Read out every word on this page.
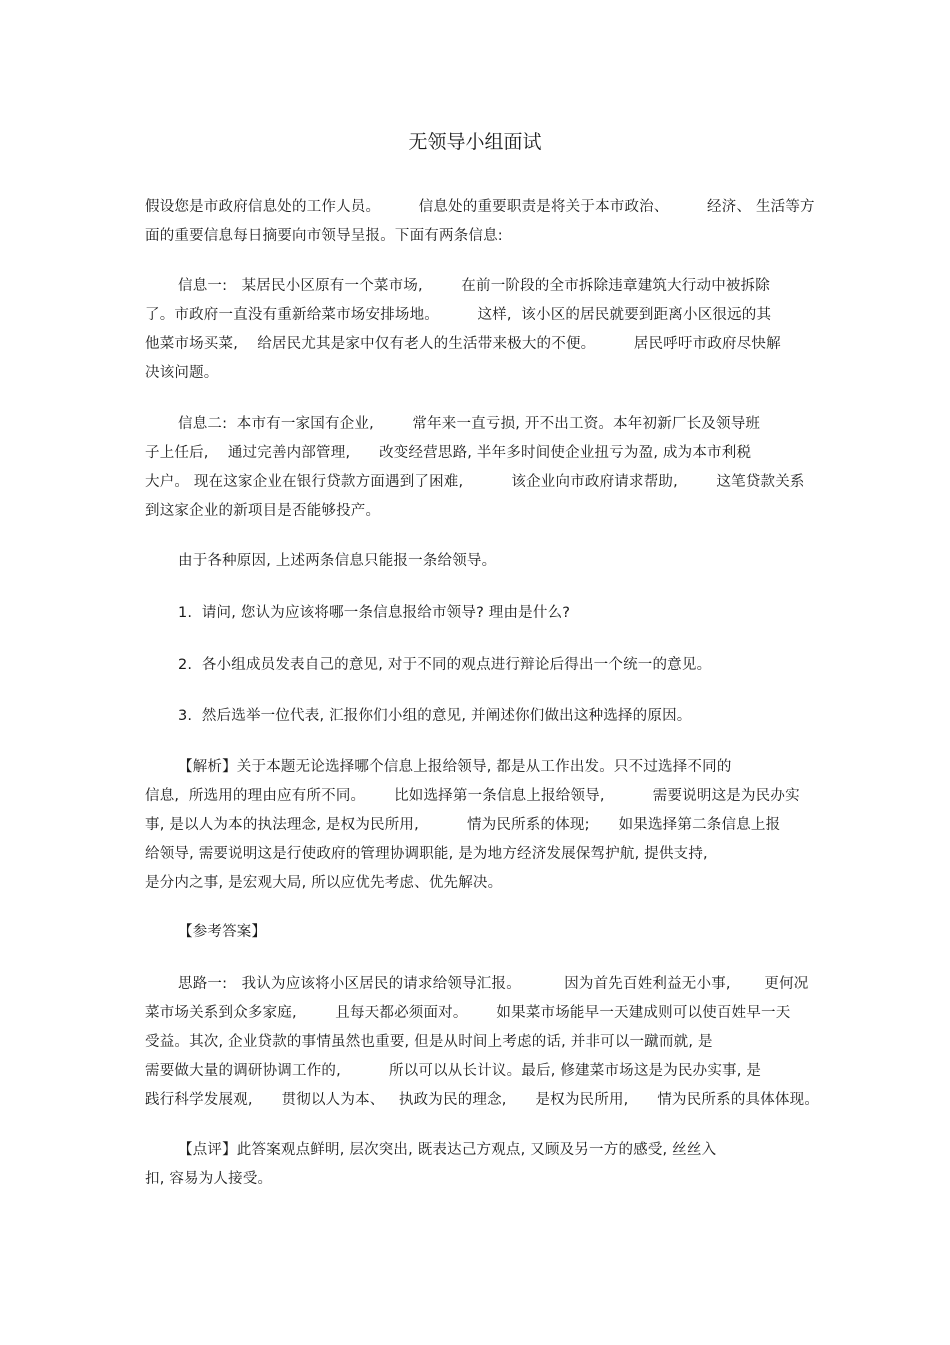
无领导小组面试
假设您是市政府信息处的工作人员。        信息处的重要职责是将关于本市政治、        经济、 生活等方
面的重要信息每日摘要向市领导呈报。下面有两条信息:
信息一:   某居民小区原有一个菜市场,        在前一阶段的全市拆除违章建筑大行动中被拆除
了。市政府一直没有重新给菜市场安排场地。        这样,  该小区的居民就要到距离小区很远的其
他菜市场买菜,    给居民尤其是家中仅有老人的生活带来极大的不便。        居民呼吁市政府尽快解
决该问题。
信息二:  本市有一家国有企业,        常年来一直亏损, 开不出工资。本年初新厂长及领导班
子上任后,    通过完善内部管理,      改变经营思路, 半年多时间使企业扭亏为盈, 成为本市利税
大户。 现在这家企业在银行贷款方面遇到了困难,          该企业向市政府请求帮助,        这笔贷款关系
到这家企业的新项目是否能够投产。
由于各种原因, 上述两条信息只能报一条给领导。
1.  请问, 您认为应该将哪一条信息报给市领导? 理由是什么?
2.  各小组成员发表自己的意见, 对于不同的观点进行辩论后得出一个统一的意见。
3.  然后选举一位代表, 汇报你们小组的意见, 并阐述你们做出这种选择的原因。
【解析】关于本题无论选择哪个信息上报给领导, 都是从工作出发。只不过选择不同的
信息,  所选用的理由应有所不同。      比如选择第一条信息上报给领导,          需要说明这是为民办实
事, 是以人为本的执法理念, 是权为民所用,          情为民所系的体现;      如果选择第二条信息上报
给领导, 需要说明这是行使政府的管理协调职能, 是为地方经济发展保驾护航, 提供支持,
是分内之事, 是宏观大局, 所以应优先考虑、优先解决。
【参考答案】
思路一:   我认为应该将小区居民的请求给领导汇报。         因为首先百姓利益无小事,       更何况
菜市场关系到众多家庭,        且每天都必须面对。      如果菜市场能早一天建成则可以使百姓早一天
受益。其次, 企业贷款的事情虽然也重要, 但是从时间上考虑的话, 并非可以一蹴而就, 是
需要做大量的调研协调工作的,          所以可以从长计议。最后, 修建菜市场这是为民办实事, 是
践行科学发展观,      贯彻以人为本、   执政为民的理念,      是权为民所用,      情为民所系的具体体现。
【点评】此答案观点鲜明, 层次突出, 既表达己方观点, 又顾及另一方的感受, 丝丝入
扣, 容易为人接受。
